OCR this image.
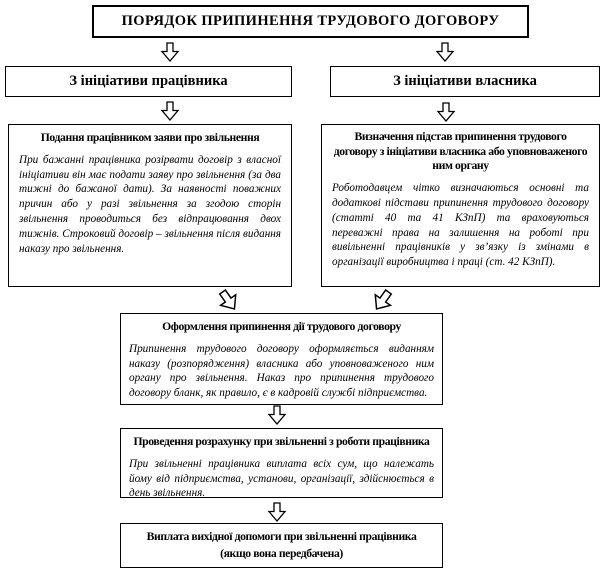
ПОРЯДОК ПРИПИНЕННЯ ТРУДОВОГО ДОГОВОРУ
З ініціативи працівника	З ініціативи власника
Подання працівником заяви про звільнення

При бажанні працівника розірвати договір з власної ініціативи він має подати заяву про звільнення (за два тижні до бажаної дати). За наявності поважних причин або у разі звільнення за згодою сторін звільнення проводиться без відпрацювання двох тижнів. Строковий договір – звільнення після видання наказу про звільнення.

Визначення підстав припинення трудового договору з ініціативи власника або уповноваженого ним органу

Роботодавцем чітко визначаються основні та додаткові підстави припинення трудового договору (статті 40 та 41 КЗпП) та враховуються переважні права на залишення на роботі при вивільненні працівників у зв’язку із змінами в організації виробництва і праці (ст. 42 КЗпП).

Оформлення припинення дії трудового договору

Припинення трудового договору оформляється виданням наказу (розпорядження) власника або уповноваженого ним органу про звільнення. Наказ про припинення трудового договору бланк, як правило, є в кадровій службі підприємства.

Проведення розрахунку при звільненні з роботи працівника

При звільненні працівника виплата всіх сум, що належать йому від підприємства, установи, організації, здійснюється в день звільнення.

Виплата вихідної допомоги при звільненні працівника
(якщо вона передбачена)
